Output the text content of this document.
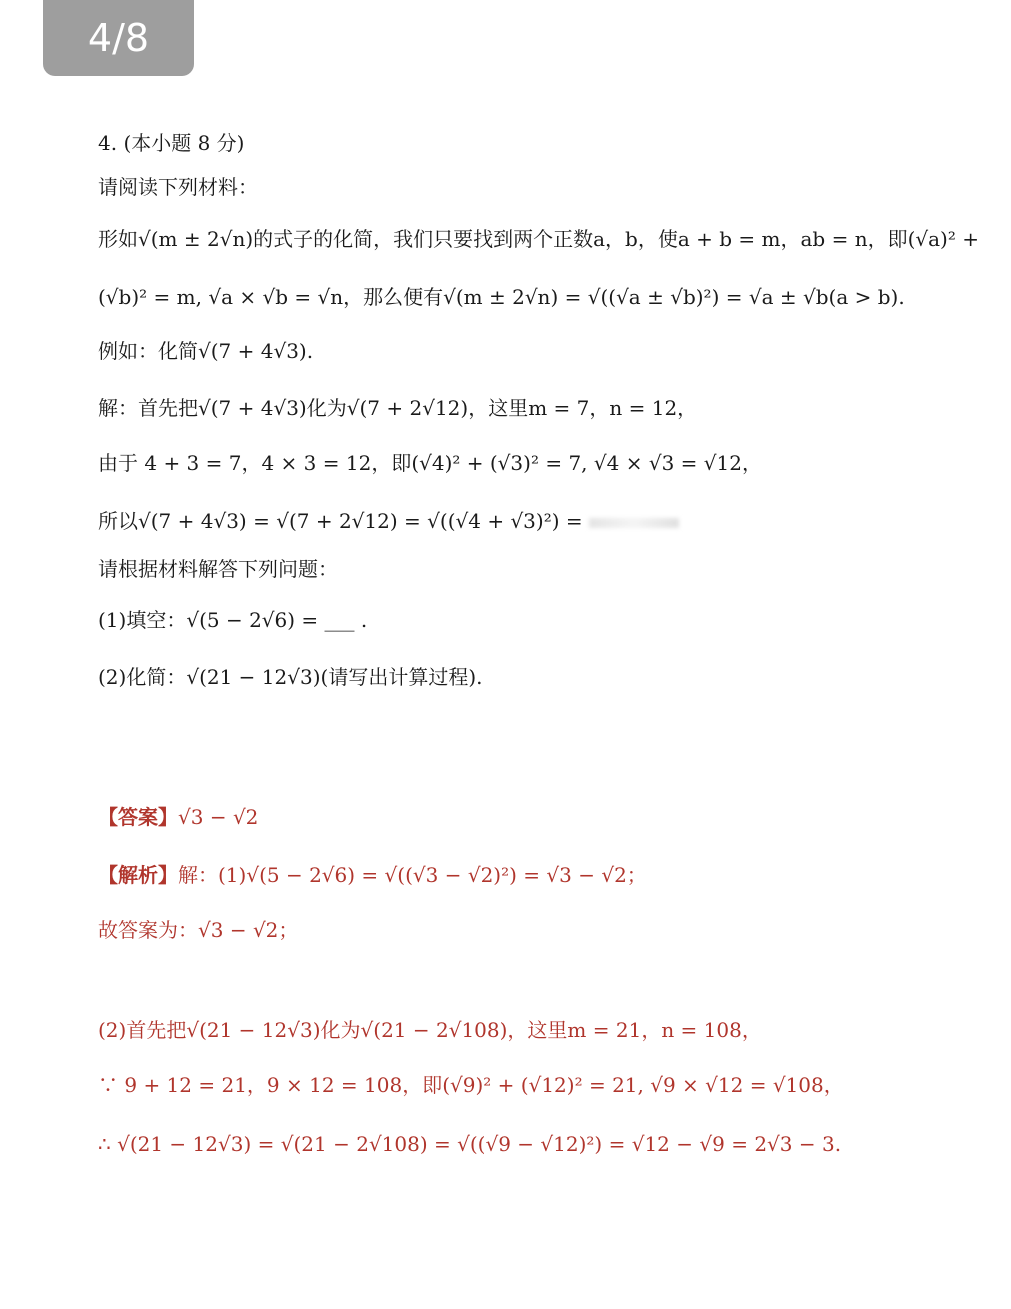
4/8
4. (本小题 8 分)
请阅读下列材料：
形如√(m ± 2√n)的式子的化简，我们只要找到两个正数a，b，使a + b = m，ab = n，即(√a)² +
(√b)² = m, √a × √b = √n，那么便有√(m ± 2√n) = √((√a ± √b)²) = √a ± √b(a > b).
例如：化简√(7 + 4√3).
解：首先把√(7 + 4√3)化为√(7 + 2√12)，这里m = 7，n = 12，
由于 4 + 3 = 7，4 × 3 = 12，即(√4)² + (√3)² = 7, √4 × √3 = √12，
所以√(7 + 4√3) = √(7 + 2√12) = √((√4 + √3)²) =
请根据材料解答下列问题：
(1)填空：√(5 − 2√6) = ___ .
(2)化简：√(21 − 12√3)(请写出计算过程).
【答案】√3 − √2
【解析】解：(1)√(5 − 2√6) = √((√3 − √2)²) = √3 − √2；
故答案为：√3 − √2；
(2)首先把√(21 − 12√3)化为√(21 − 2√108)，这里m = 21，n = 108，
∵ 9 + 12 = 21，9 × 12 = 108，即(√9)² + (√12)² = 21, √9 × √12 = √108，
∴ √(21 − 12√3) = √(21 − 2√108) = √((√9 − √12)²) = √12 − √9 = 2√3 − 3.
